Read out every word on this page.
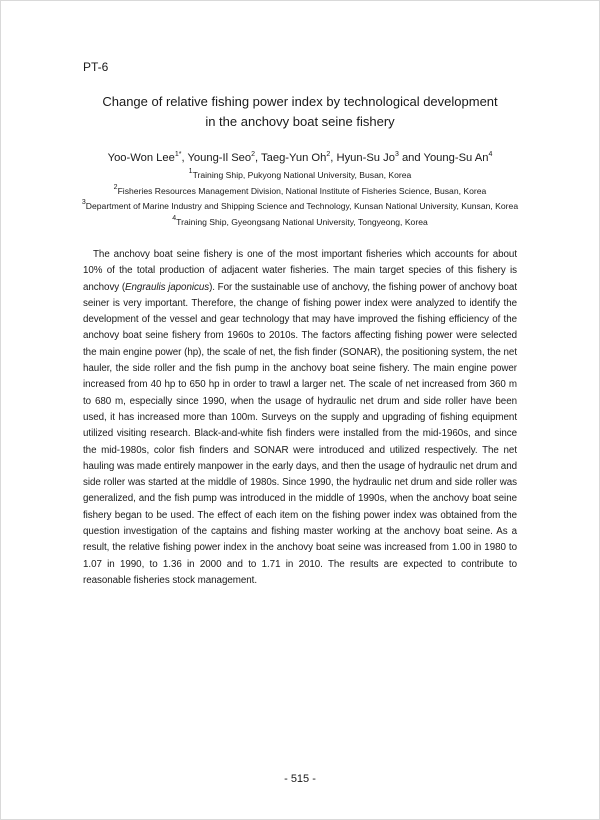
PT-6
Change of relative fishing power index by technological development
in the anchovy boat seine fishery
Yoo-Won Lee$^{1*}$, Young-Il Seo$^2$, Taeg-Yun Oh$^2$, Hyun-Su Jo$^3$ and Young-Su An$^4$
$^1$Training Ship, Pukyong National University, Busan, Korea
$^2$Fisheries Resources Management Division, National Institute of Fisheries Science, Busan, Korea
$^3$Department of Marine Industry and Shipping Science and Technology, Kunsan National University, Kunsan, Korea
$^4$Training Ship, Gyeongsang National University, Tongyeong, Korea

The anchovy boat seine fishery is one of the most important fisheries which accounts for about 10% of the total production of adjacent water fisheries. The main target species of this fishery is anchovy (Engraulis japonicus). For the sustainable use of anchovy, the fishing power of anchovy boat seiner is very important. Therefore, the change of fishing power index were analyzed to identify the development of the vessel and gear technology that may have improved the fishing efficiency of the anchovy boat seine fishery from 1960s to 2010s. The factors affecting fishing power were selected the main engine power (hp), the scale of net, the fish finder (SONAR), the positioning system, the net hauler, the side roller and the fish pump in the anchovy boat seine fishery. The main engine power increased from 40 hp to 650 hp in order to trawl a larger net. The scale of net increased from 360 m to 680 m, especially since 1990, when the usage of hydraulic net drum and side roller have been used, it has increased more than 100m. Surveys on the supply and upgrading of fishing equipment utilized visiting research. Black-and-white fish finders were installed from the mid-1960s, and since the mid-1980s, color fish finders and SONAR were introduced and utilized respectively. The net hauling was made entirely manpower in the early days, and then the usage of hydraulic net drum and side roller was started at the middle of 1980s. Since 1990, the hydraulic net drum and side roller was generalized, and the fish pump was introduced in the middle of 1990s, when the anchovy boat seine fishery began to be used. The effect of each item on the fishing power index was obtained from the question investigation of the captains and fishing master working at the anchovy boat seine. As a result, the relative fishing power index in the anchovy boat seine was increased from 1.00 in 1980 to 1.07 in 1990, to 1.36 in 2000 and to 1.71 in 2010. The results are expected to contribute to reasonable fisheries stock management.

- 515 -
